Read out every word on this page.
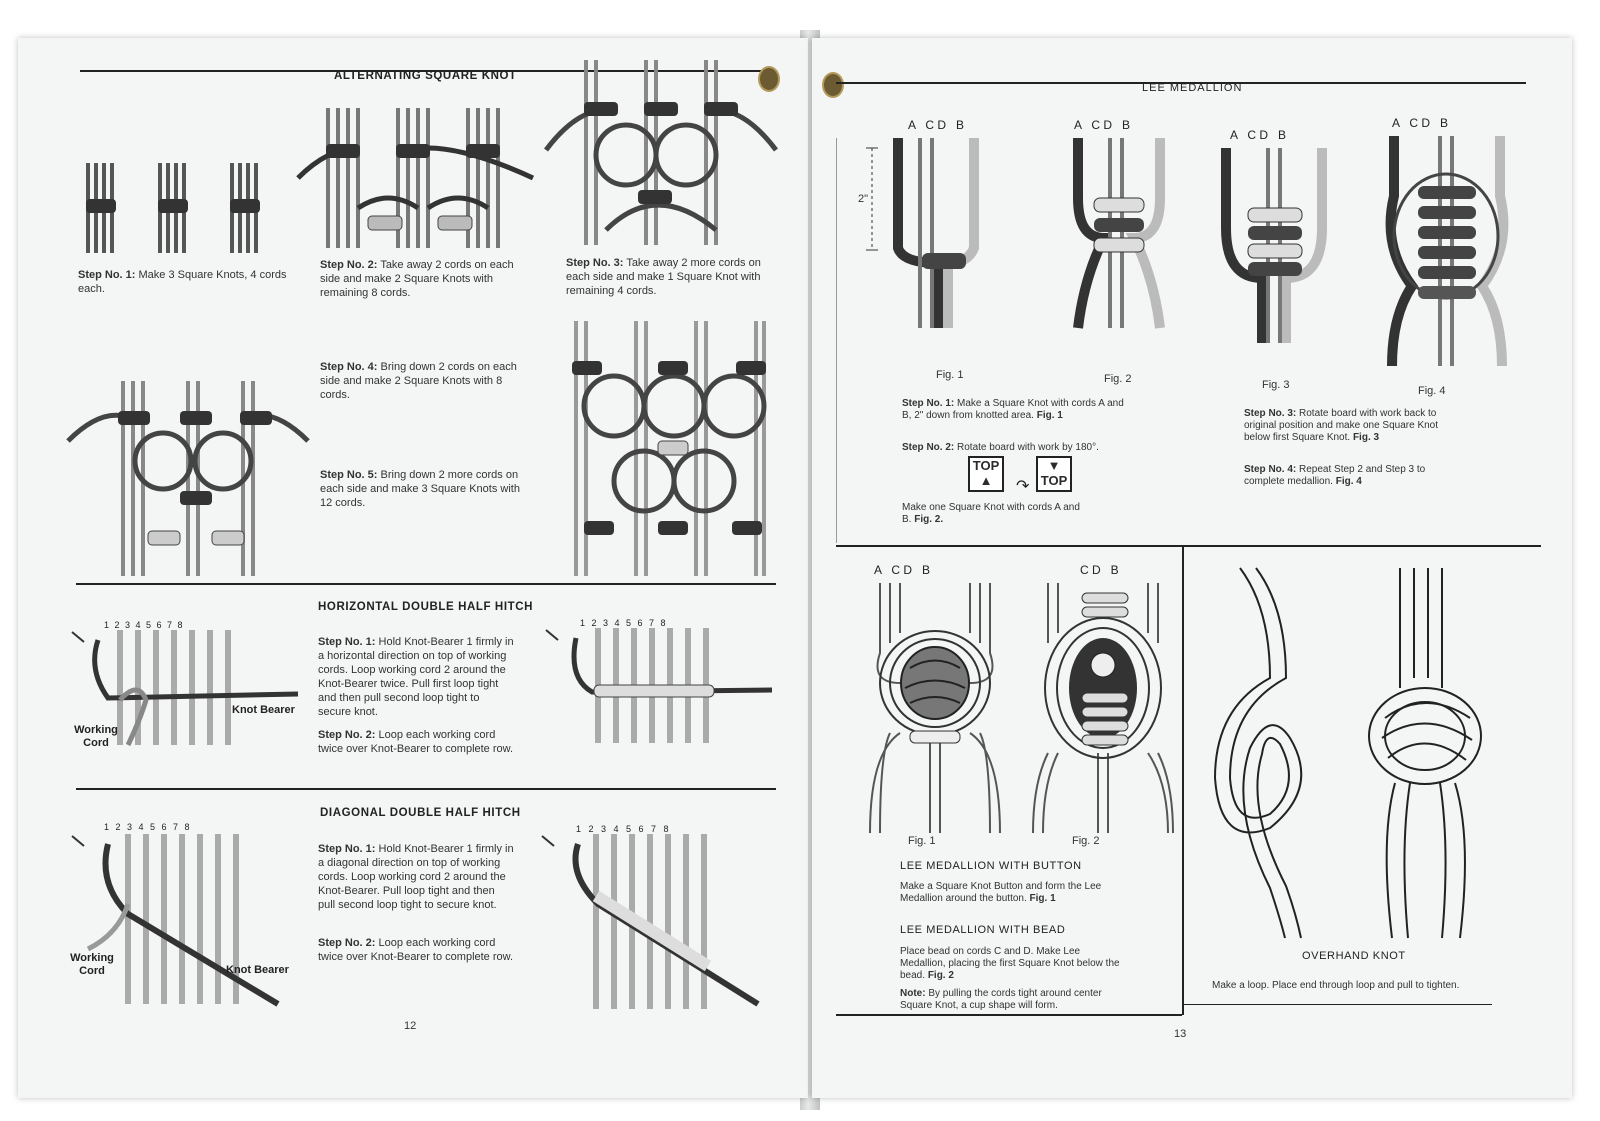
ALTERNATING SQUARE KNOT

Step No. 1: Make 3 Square Knots, 4 cords each.

Step No. 2: Take away 2 cords on each side and make 2 Square Knots with remaining 8 cords.

Step No. 3: Take away 2 more cords on each side and make 1 Square Knot with remaining 4 cords.

Step No. 4: Bring down 2 cords on each side and make 2 Square Knots with 8 cords.

Step No. 5: Bring down 2 more cords on each side and make 3 Square Knots with 12 cords.

HORIZONTAL DOUBLE HALF HITCH
1 2 3 4 5 6 7 8
Working Cord
Knot Bearer

Step No. 1: Hold Knot-Bearer 1 firmly in a horizontal direction on top of working cords. Loop working cord 2 around the Knot-Bearer twice. Pull first loop tight and then pull second loop tight to secure knot.

Step No. 2: Loop each working cord twice over Knot-Bearer to complete row.

1 2 3 4 5 6 7 8
DIAGONAL DOUBLE HALF HITCH
1 2 3 4 5 6 7 8
Working Cord	Knot Bearer

Step No. 1: Hold Knot-Bearer 1 firmly in a diagonal direction on top of working cords. Loop working cord 2 around the Knot-Bearer. Pull loop tight and then pull second loop tight to secure knot.

Step No. 2: Loop each working cord twice over Knot-Bearer to complete row.

1 2 3 4 5 6 7 8
12
LEE MEDALLION
A   C D   B
2"
Fig. 1
A   C D   B
Fig. 2
A   C D   B
Fig. 3
A   C D   B
Fig. 4

Step No. 1: Make a Square Knot with cords A and B, 2" down from knotted area. Fig. 1

Step No. 2: Rotate board with work by 180°.

TOP
▲	↷
▼
TOP

Make one Square Knot with cords A and B. Fig. 2.

Step No. 3: Rotate board with work back to original position and make one Square Knot below first Square Knot. Fig. 3

Step No. 4: Repeat Step 2 and Step 3 to complete medallion. Fig. 4

A   C D   B
Fig. 1
C D   B
Fig. 2
LEE MEDALLION WITH BUTTON

Make a Square Knot Button and form the Lee Medallion around the button. Fig. 1

LEE MEDALLION WITH BEAD

Place bead on cords C and D. Make Lee Medallion, placing the first Square Knot below the bead. Fig. 2

Note: By pulling the cords tight around center Square Knot, a cup shape will form.

OVERHAND KNOT

Make a loop. Place end through loop and pull to tighten.

13
